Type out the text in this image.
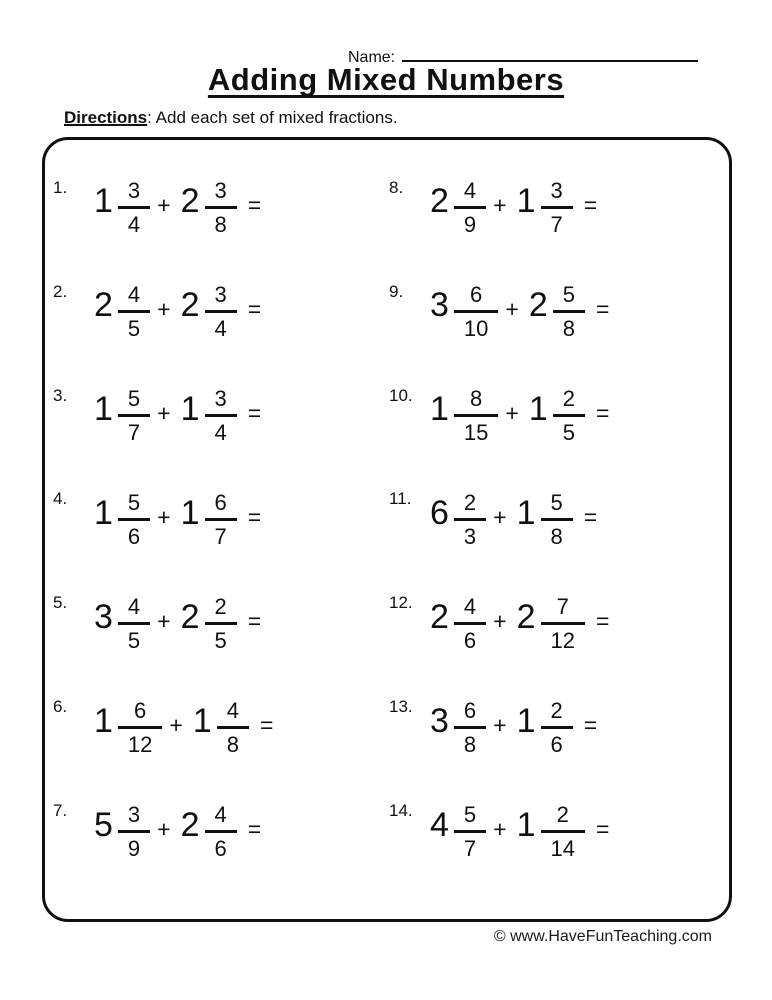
Name:
Adding Mixed Numbers
Directions: Add each set of mixed fractions.
1. $1 \frac{3}{4} + 2 \frac{3}{8}$ =
2. $2 \frac{4}{5} + 2 \frac{3}{4}$ =
3. $1 \frac{5}{7} + 1 \frac{3}{4}$ =
4. $1 \frac{5}{6} + 1 \frac{6}{7}$ =
5. $3 \frac{4}{5} + 2 \frac{2}{5}$ =
6. $1 \frac{6}{12} + 1 \frac{4}{8}$ =
7. $5 \frac{3}{9} + 2 \frac{4}{6}$ =
8. $2 \frac{4}{9} + 1 \frac{3}{7}$ =
9. $3 \frac{6}{10} + 2 \frac{5}{8}$ =
10. $1 \frac{8}{15} + 1 \frac{2}{5}$ =
11. $6 \frac{2}{3} + 1 \frac{5}{8}$ =
12. $2 \frac{4}{6} + 2 \frac{7}{12}$ =
13. $3 \frac{6}{8} + 1 \frac{2}{6}$ =
14. $4 \frac{5}{7} + 1 \frac{2}{14}$ =
© www.HaveFunTeaching.com
